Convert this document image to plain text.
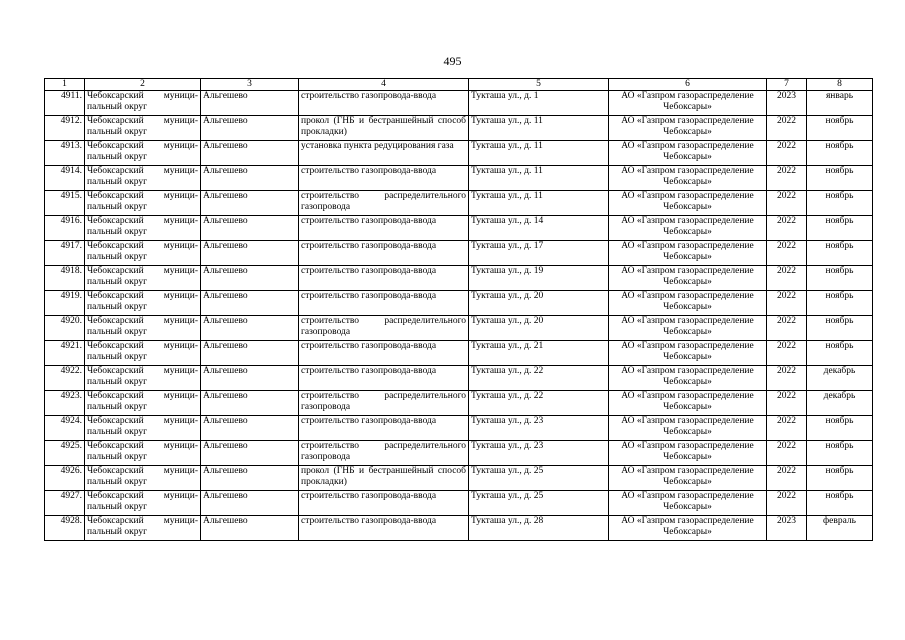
495
1	2	3	4	5	6	7	8
4911.	Чебоксарский муници-пальный округ	Альгешево	строительство газопровода-ввода	Тукташа ул., д. 1	АО «Газпром газораспределение Чебоксары»	2023	январь
4912.	Чебоксарский муници-пальный округ	Альгешево	прокол (ГНБ и бестраншейный способ прокладки)	Тукташа ул., д. 11	АО «Газпром газораспределение Чебоксары»	2022	ноябрь
4913.	Чебоксарский муници-пальный округ	Альгешево	установка пункта редуцирования газа	Тукташа ул., д. 11	АО «Газпром газораспределение Чебоксары»	2022	ноябрь
4914.	Чебоксарский муници-пальный округ	Альгешево	строительство газопровода-ввода	Тукташа ул., д. 11	АО «Газпром газораспределение Чебоксары»	2022	ноябрь
4915.	Чебоксарский муници-пальный округ	Альгешево	строительство распределительного газопровода	Тукташа ул., д. 11	АО «Газпром газораспределение Чебоксары»	2022	ноябрь
4916.	Чебоксарский муници-пальный округ	Альгешево	строительство газопровода-ввода	Тукташа ул., д. 14	АО «Газпром газораспределение Чебоксары»	2022	ноябрь
4917.	Чебоксарский муници-пальный округ	Альгешево	строительство газопровода-ввода	Тукташа ул., д. 17	АО «Газпром газораспределение Чебоксары»	2022	ноябрь
4918.	Чебоксарский муници-пальный округ	Альгешево	строительство газопровода-ввода	Тукташа ул., д. 19	АО «Газпром газораспределение Чебоксары»	2022	ноябрь
4919.	Чебоксарский муници-пальный округ	Альгешево	строительство газопровода-ввода	Тукташа ул., д. 20	АО «Газпром газораспределение Чебоксары»	2022	ноябрь
4920.	Чебоксарский муници-пальный округ	Альгешево	строительство распределительного газопровода	Тукташа ул., д. 20	АО «Газпром газораспределение Чебоксары»	2022	ноябрь
4921.	Чебоксарский муници-пальный округ	Альгешево	строительство газопровода-ввода	Тукташа ул., д. 21	АО «Газпром газораспределение Чебоксары»	2022	ноябрь
4922.	Чебоксарский муници-пальный округ	Альгешево	строительство газопровода-ввода	Тукташа ул., д. 22	АО «Газпром газораспределение Чебоксары»	2022	декабрь
4923.	Чебоксарский муници-пальный округ	Альгешево	строительство распределительного газопровода	Тукташа ул., д. 22	АО «Газпром газораспределение Чебоксары»	2022	декабрь
4924.	Чебоксарский муници-пальный округ	Альгешево	строительство газопровода-ввода	Тукташа ул., д. 23	АО «Газпром газораспределение Чебоксары»	2022	ноябрь
4925.	Чебоксарский муници-пальный округ	Альгешево	строительство распределительного газопровода	Тукташа ул., д. 23	АО «Газпром газораспределение Чебоксары»	2022	ноябрь
4926.	Чебоксарский муници-пальный округ	Альгешево	прокол (ГНБ и бестраншейный способ прокладки)	Тукташа ул., д. 25	АО «Газпром газораспределение Чебоксары»	2022	ноябрь
4927.	Чебоксарский муници-пальный округ	Альгешево	строительство газопровода-ввода	Тукташа ул., д. 25	АО «Газпром газораспределение Чебоксары»	2022	ноябрь
4928.	Чебоксарский муници-пальный округ	Альгешево	строительство газопровода-ввода	Тукташа ул., д. 28	АО «Газпром газораспределение Чебоксары»	2023	февраль
